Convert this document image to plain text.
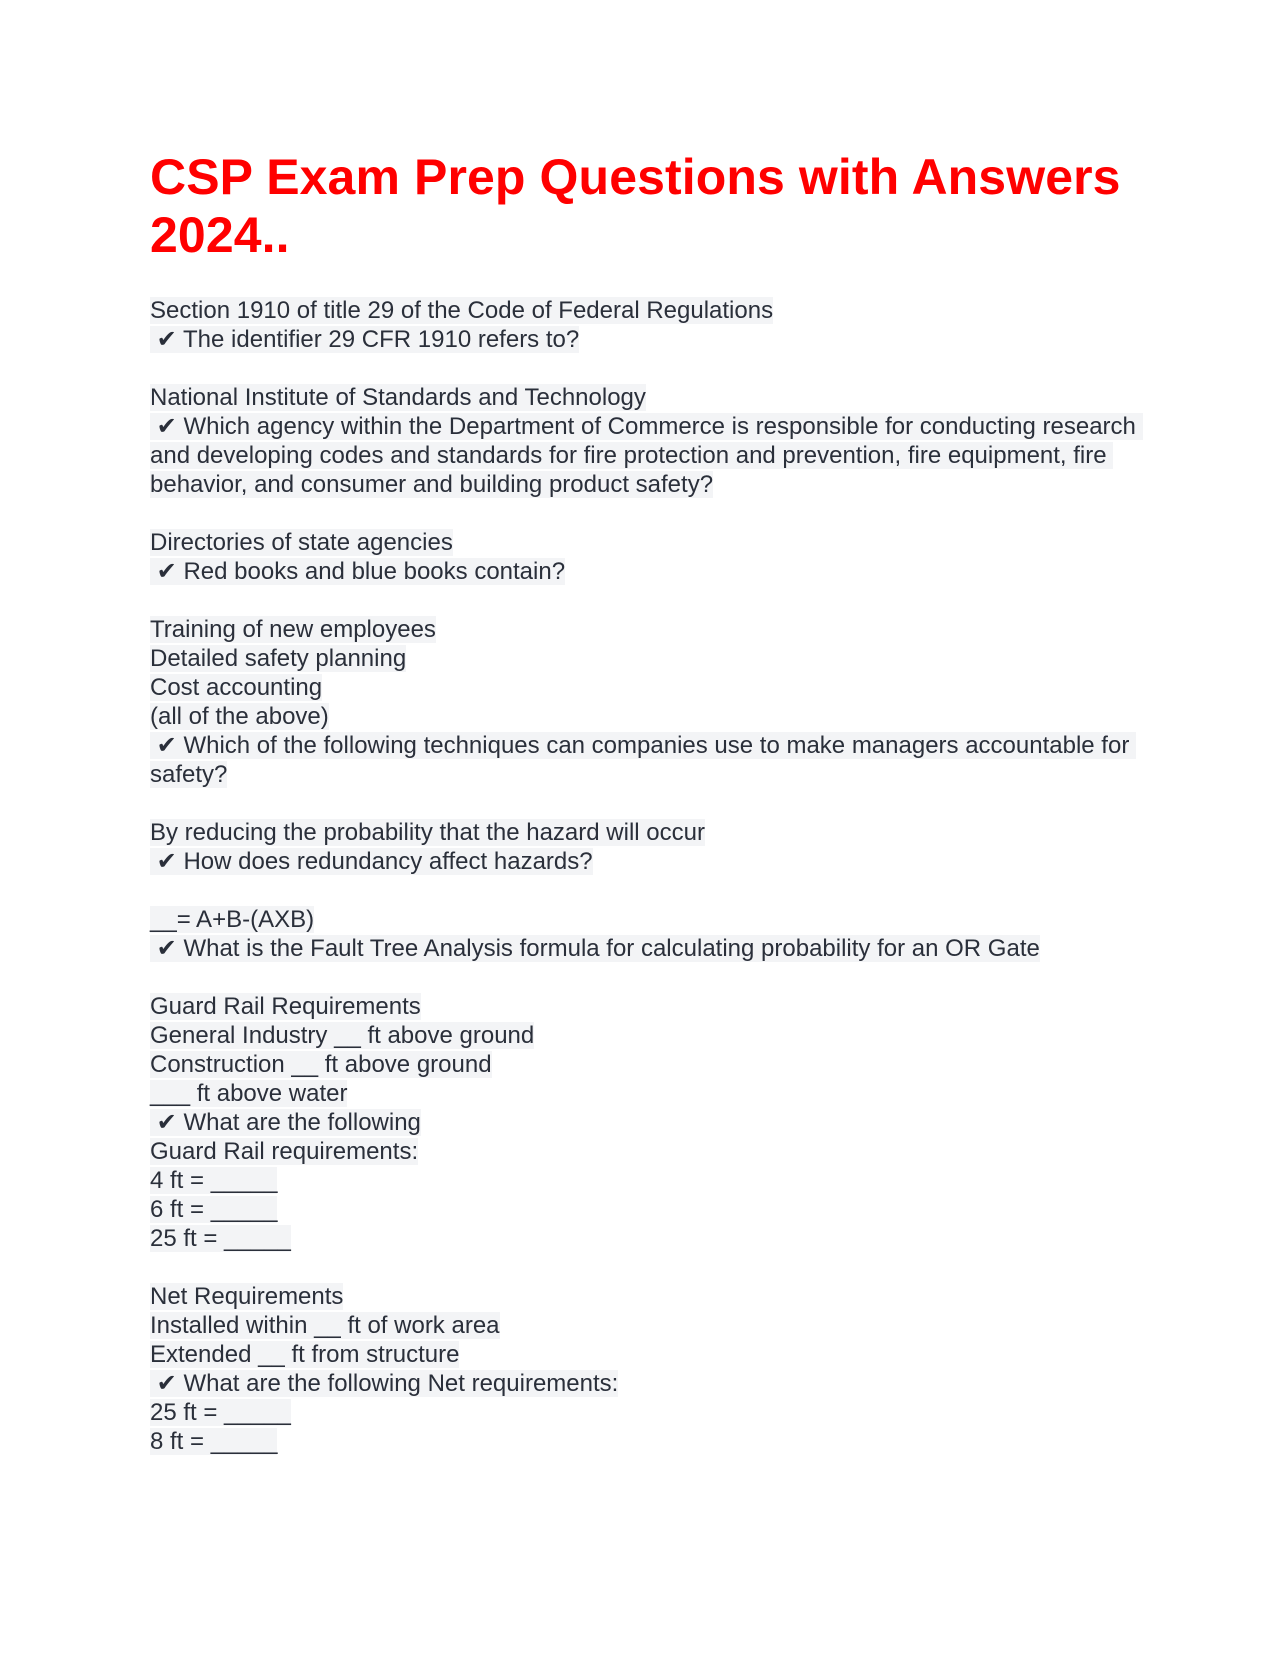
CSP Exam Prep Questions with Answers 2024..
Section 1910 of title 29 of the Code of Federal Regulations
✔ The identifier 29 CFR 1910 refers to?
National Institute of Standards and Technology
✔ Which agency within the Department of Commerce is responsible for conducting research and developing codes and standards for fire protection and prevention, fire equipment, fire behavior, and consumer and building product safety?
Directories of state agencies
✔ Red books and blue books contain?
Training of new employees
Detailed safety planning
Cost accounting
(all of the above)
✔ Which of the following techniques can companies use to make managers accountable for safety?
By reducing the probability that the hazard will occur
✔ How does redundancy affect hazards?
__= A+B-(AXB)
✔ What is the Fault Tree Analysis formula for calculating probability for an OR Gate
Guard Rail Requirements
General Industry __ ft above ground
Construction __ ft above ground
___ ft above water
✔ What are the following
Guard Rail requirements:
4 ft = _____
6 ft = _____
25 ft = _____
Net Requirements
Installed within __ ft of work area
Extended __ ft from structure
✔ What are the following Net requirements:
25 ft = _____
8 ft = _____
